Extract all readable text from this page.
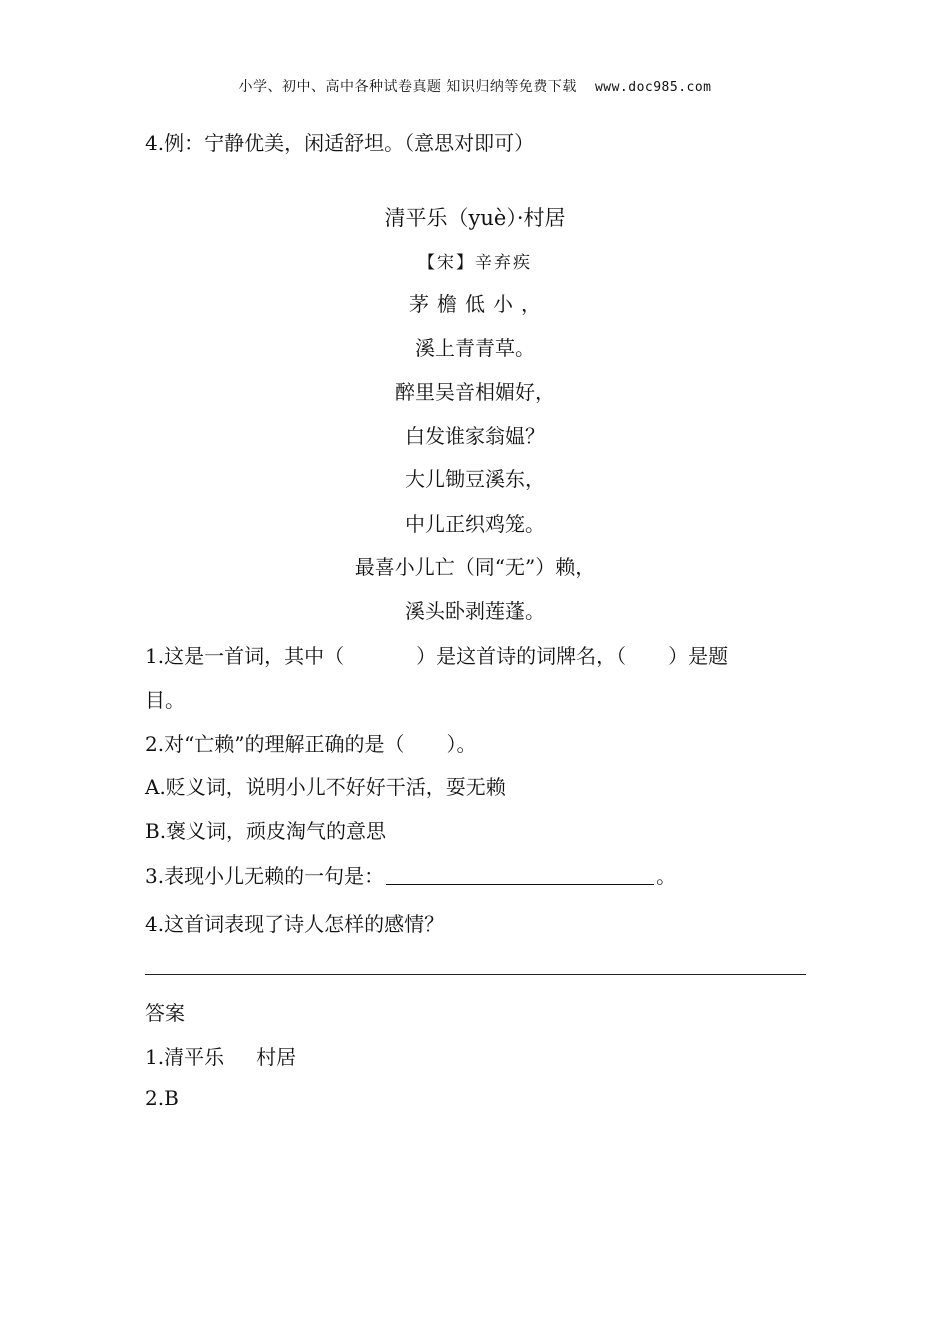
小学、初中、高中各种试卷真题 知识归纳等免费下载 www.doc985.com
4.例：宁静优美，闲适舒坦。（意思对即可）
清平乐（yuè）·村居
【宋】辛弃疾
茅檐低小，
溪上青青草。
醉里吴音相媚好，
白发谁家翁媪？
大儿锄豆溪东，
中儿正织鸡笼。
最喜小儿亡（同“无”）赖，
溪头卧剥莲蓬。
1.这是一首词，其中（	）是这首诗的词牌名，（ ）是题
目。
2.对“亡赖”的理解正确的是（ ）。
A.贬义词，说明小儿不好好干活，耍无赖
B.褒义词，顽皮淘气的意思
3.表现小儿无赖的一句是：	。
4.这首词表现了诗人怎样的感情？
答案
1.清平乐 村居
2.B
